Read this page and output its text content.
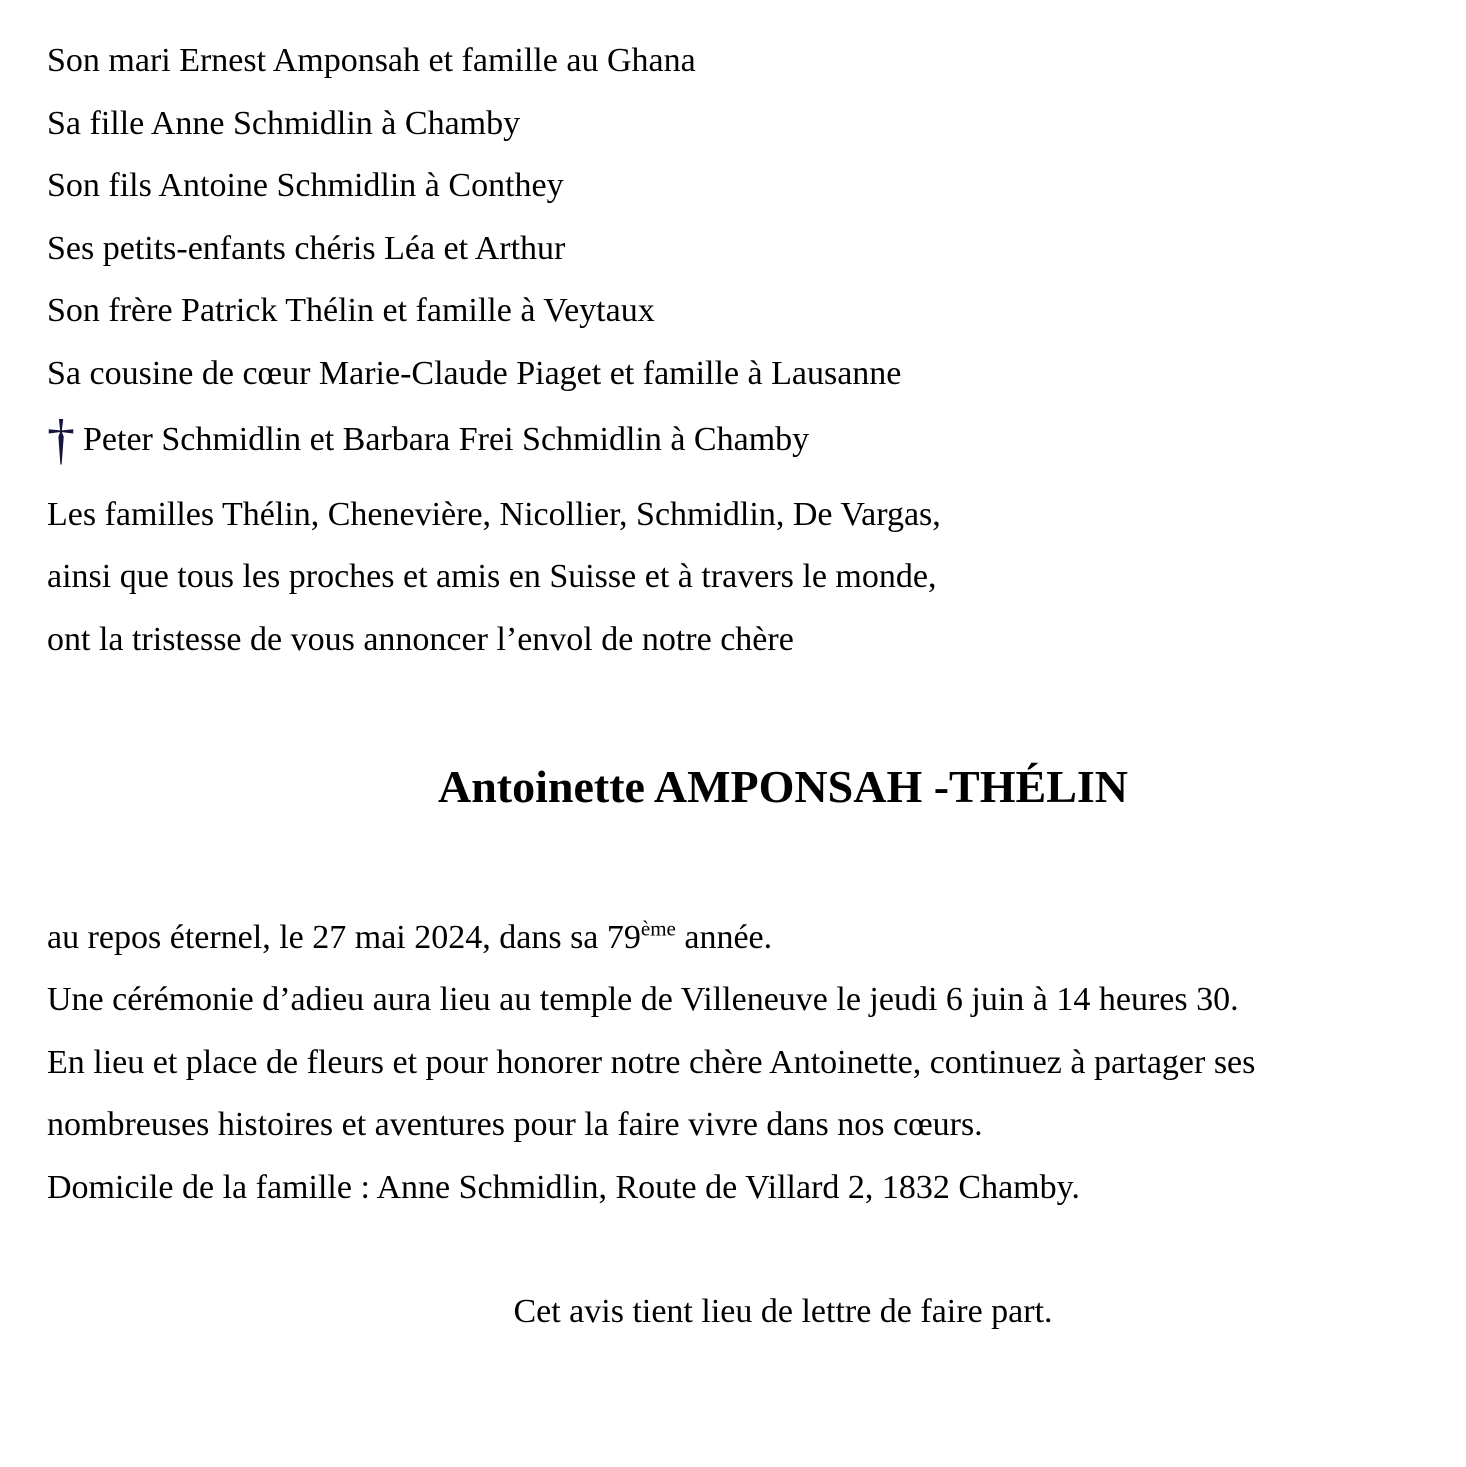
Son mari Ernest Amponsah et famille au Ghana

Sa fille Anne Schmidlin à Chamby

Son fils Antoine Schmidlin à Conthey

Ses petits-enfants chéris Léa et Arthur

Son frère Patrick Thélin et famille à Veytaux

Sa cousine de cœur Marie-Claude Piaget et famille à Lausanne

† Peter Schmidlin et Barbara Frei Schmidlin à Chamby

Les familles Thélin, Chenevière, Nicollier, Schmidlin, De Vargas,

ainsi que tous les proches et amis en Suisse et à travers le monde,

ont la tristesse de vous annoncer l’envol de notre chère

Antoinette AMPONSAH -THÉLIN

au repos éternel, le 27 mai 2024, dans sa 79ème année.

Une cérémonie d’adieu aura lieu au temple de Villeneuve le jeudi 6 juin à 14 heures 30.

En lieu et place de fleurs et pour honorer notre chère Antoinette, continuez à partager ses

nombreuses histoires et aventures pour la faire vivre dans nos cœurs.

Domicile de la famille : Anne Schmidlin, Route de Villard 2, 1832 Chamby.

Cet avis tient lieu de lettre de faire part.
